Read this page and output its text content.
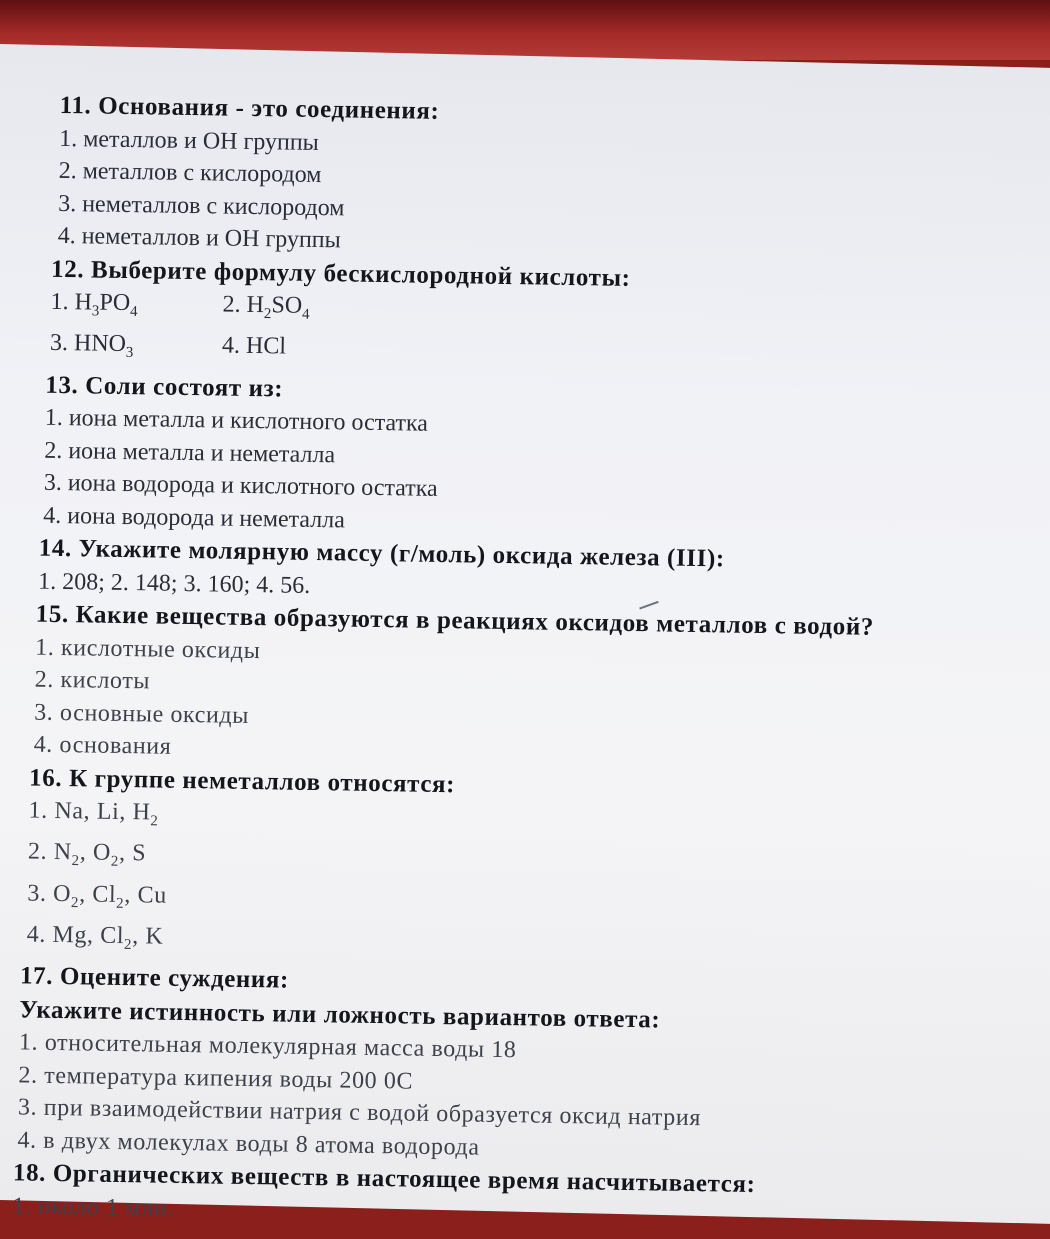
11. Основания - это соединения:
1. металлов и ОН группы
2. металлов с кислородом
3. неметаллов с кислородом
4. неметаллов и ОН группы
12. Выберите формулу бескислородной кислоты:
1. $H_3PO_4$	2. $H_2SO_4$
3. $HNO_3$	4. HCl
13. Соли состоят из:
1. иона металла и кислотного остатка
2. иона металла и неметалла
3. иона водорода и кислотного остатка
4. иона водорода и неметалла
14. Укажите молярную массу (г/моль) оксида железа (III):
1. 208; 2. 148; 3. 160; 4. 56.
15. Какие вещества образуются в реакциях оксидов металлов с водой?
1. кислотные оксиды
2. кислоты
3. основные оксиды
4. основания
16. К группе неметаллов относятся:
1. Na, Li, $H_2$
2. $N_2$, $O_2$, S
3. $O_2$, $Cl_2$, Cu
4. Mg, $Cl_2$, K
17. Оцените суждения:
Укажите истинность или ложность вариантов ответа:
1. относительная молекулярная масса воды 18
2. температура кипения воды 200 0С
3. при взаимодействии натрия с водой образуется оксид натрия
4. в двух молекулах воды 8 атома водорода
18. Органических веществ в настоящее время насчитывается:
1. около 1 млн.
